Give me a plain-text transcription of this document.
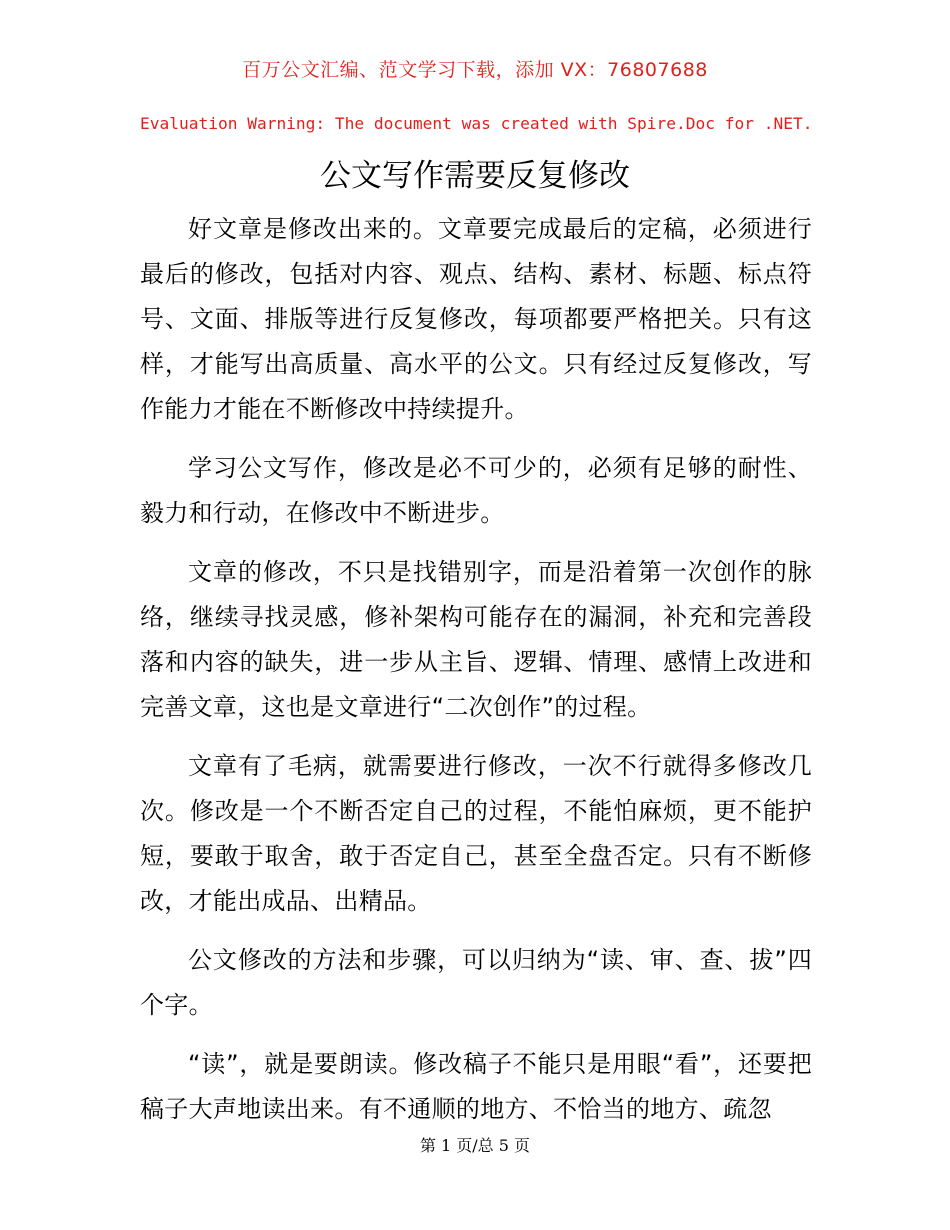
百万公文汇编、范文学习下载，添加 VX：76807688
Evaluation Warning: The document was created with Spire.Doc for .NET.
公文写作需要反复修改

好文章是修改出来的。文章要完成最后的定稿，必须进行最后的修改，包括对内容、观点、结构、素材、标题、标点符号、文面、排版等进行反复修改，每项都要严格把关。只有这样，才能写出高质量、高水平的公文。只有经过反复修改，写作能力才能在不断修改中持续提升。

学习公文写作，修改是必不可少的，必须有足够的耐性、毅力和行动，在修改中不断进步。

文章的修改，不只是找错别字，而是沿着第一次创作的脉络，继续寻找灵感，修补架构可能存在的漏洞，补充和完善段落和内容的缺失，进一步从主旨、逻辑、情理、感情上改进和完善文章，这也是文章进行“二次创作”的过程。

文章有了毛病，就需要进行修改，一次不行就得多修改几次。修改是一个不断否定自己的过程，不能怕麻烦，更不能护短，要敢于取舍，敢于否定自己，甚至全盘否定。只有不断修改，才能出成品、出精品。

公文修改的方法和步骤，可以归纳为“读、审、查、拔”四个字。

“读”，就是要朗读。修改稿子不能只是用眼“看”，还要把稿子大声地读出来。有不通顺的地方、不恰当的地方、疏忽

第 1 页/总 5 页
